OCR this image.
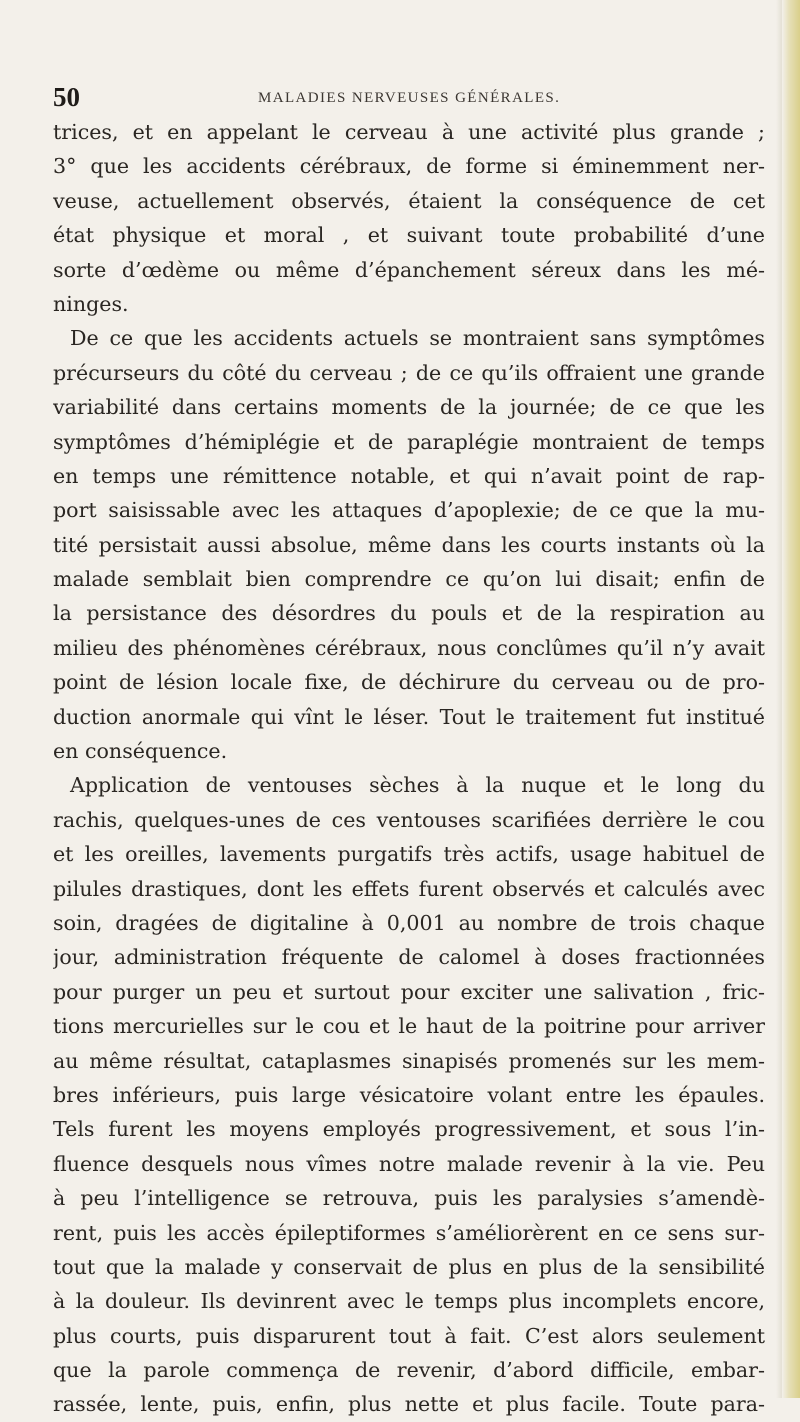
50	MALADIES NERVEUSES GÉNÉRALES.
trices, et en appelant le cerveau à une activité plus grande ;
3° que les accidents cérébraux, de forme si éminemment ner-
veuse, actuellement observés, étaient la conséquence de cet
état physique et moral , et suivant toute probabilité d’une
sorte d’œdème ou même d’épanchement séreux dans les mé-
ninges.
De ce que les accidents actuels se montraient sans symptômes
précurseurs du côté du cerveau ; de ce qu’ils offraient une grande
variabilité dans certains moments de la journée; de ce que les
symptômes d’hémiplégie et de paraplégie montraient de temps
en temps une rémittence notable, et qui n’avait point de rap-
port saisissable avec les attaques d’apoplexie; de ce que la mu-
tité persistait aussi absolue, même dans les courts instants où la
malade semblait bien comprendre ce qu’on lui disait; enfin de
la persistance des désordres du pouls et de la respiration au
milieu des phénomènes cérébraux, nous conclûmes qu’il n’y avait
point de lésion locale fixe, de déchirure du cerveau ou de pro-
duction anormale qui vînt le léser. Tout le traitement fut institué
en conséquence.
Application de ventouses sèches à la nuque et le long du
rachis, quelques-unes de ces ventouses scarifiées derrière le cou
et les oreilles, lavements purgatifs très actifs, usage habituel de
pilules drastiques, dont les effets furent observés et calculés avec
soin, dragées de digitaline à 0,001 au nombre de trois chaque
jour, administration fréquente de calomel à doses fractionnées
pour purger un peu et surtout pour exciter une salivation , fric-
tions mercurielles sur le cou et le haut de la poitrine pour arriver
au même résultat, cataplasmes sinapisés promenés sur les mem-
bres inférieurs, puis large vésicatoire volant entre les épaules.
Tels furent les moyens employés progressivement, et sous l’in-
fluence desquels nous vîmes notre malade revenir à la vie. Peu
à peu l’intelligence se retrouva, puis les paralysies s’amendè-
rent, puis les accès épileptiformes s’améliorèrent en ce sens sur-
tout que la malade y conservait de plus en plus de la sensibilité
à la douleur. Ils devinrent avec le temps plus incomplets encore,
plus courts, puis disparurent tout à fait. C’est alors seulement
que la parole commença de revenir, d’abord difficile, embar-
rassée, lente, puis, enfin, plus nette et plus facile. Toute para-
